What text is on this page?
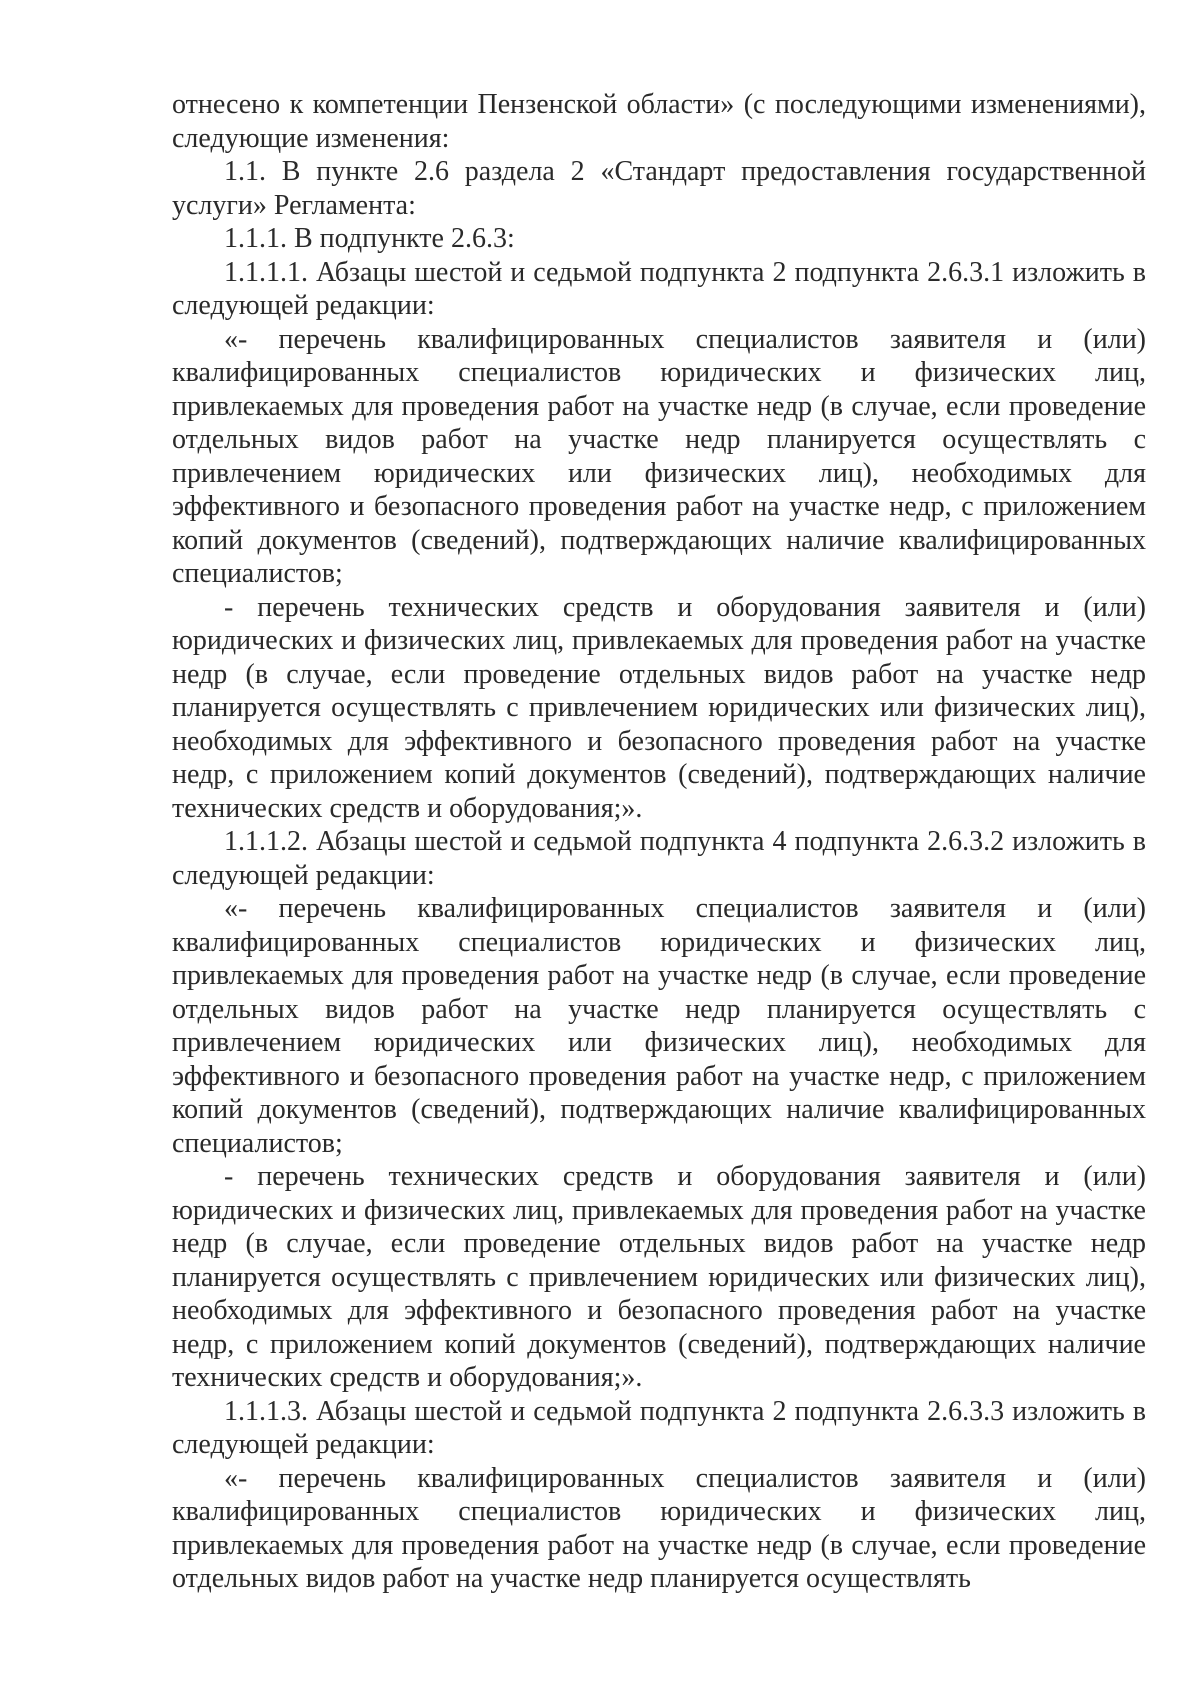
отнесено к компетенции Пензенской области» (с последующими изменениями), следующие изменения:

1.1. В пункте 2.6 раздела 2 «Стандарт предоставления государственной услуги» Регламента:

1.1.1. В подпункте 2.6.3:

1.1.1.1. Абзацы шестой и седьмой подпункта 2 подпункта 2.6.3.1 изложить в следующей редакции:

«- перечень квалифицированных специалистов заявителя и (или) квалифицированных специалистов юридических и физических лиц, привлекаемых для проведения работ на участке недр (в случае, если проведение отдельных видов работ на участке недр планируется осуществлять с привлечением юридических или физических лиц), необходимых для эффективного и безопасного проведения работ на участке недр, с приложением копий документов (сведений), подтверждающих наличие квалифицированных специалистов;

- перечень технических средств и оборудования заявителя и (или) юридических и физических лиц, привлекаемых для проведения работ на участке недр (в случае, если проведение отдельных видов работ на участке недр планируется осуществлять с привлечением юридических или физических лиц), необходимых для эффективного и безопасного проведения работ на участке недр, с приложением копий документов (сведений), подтверждающих наличие технических средств и оборудования;».

1.1.1.2. Абзацы шестой и седьмой подпункта 4 подпункта 2.6.3.2 изложить в следующей редакции:

«- перечень квалифицированных специалистов заявителя и (или) квалифицированных специалистов юридических и физических лиц, привлекаемых для проведения работ на участке недр (в случае, если проведение отдельных видов работ на участке недр планируется осуществлять с привлечением юридических или физических лиц), необходимых для эффективного и безопасного проведения работ на участке недр, с приложением копий документов (сведений), подтверждающих наличие квалифицированных специалистов;

- перечень технических средств и оборудования заявителя и (или) юридических и физических лиц, привлекаемых для проведения работ на участке недр (в случае, если проведение отдельных видов работ на участке недр планируется осуществлять с привлечением юридических или физических лиц), необходимых для эффективного и безопасного проведения работ на участке недр, с приложением копий документов (сведений), подтверждающих наличие технических средств и оборудования;».

1.1.1.3. Абзацы шестой и седьмой подпункта 2 подпункта 2.6.3.3 изложить в следующей редакции:

«- перечень квалифицированных специалистов заявителя и (или) квалифицированных специалистов юридических и физических лиц, привлекаемых для проведения работ на участке недр (в случае, если проведение отдельных видов работ на участке недр планируется осуществлять
